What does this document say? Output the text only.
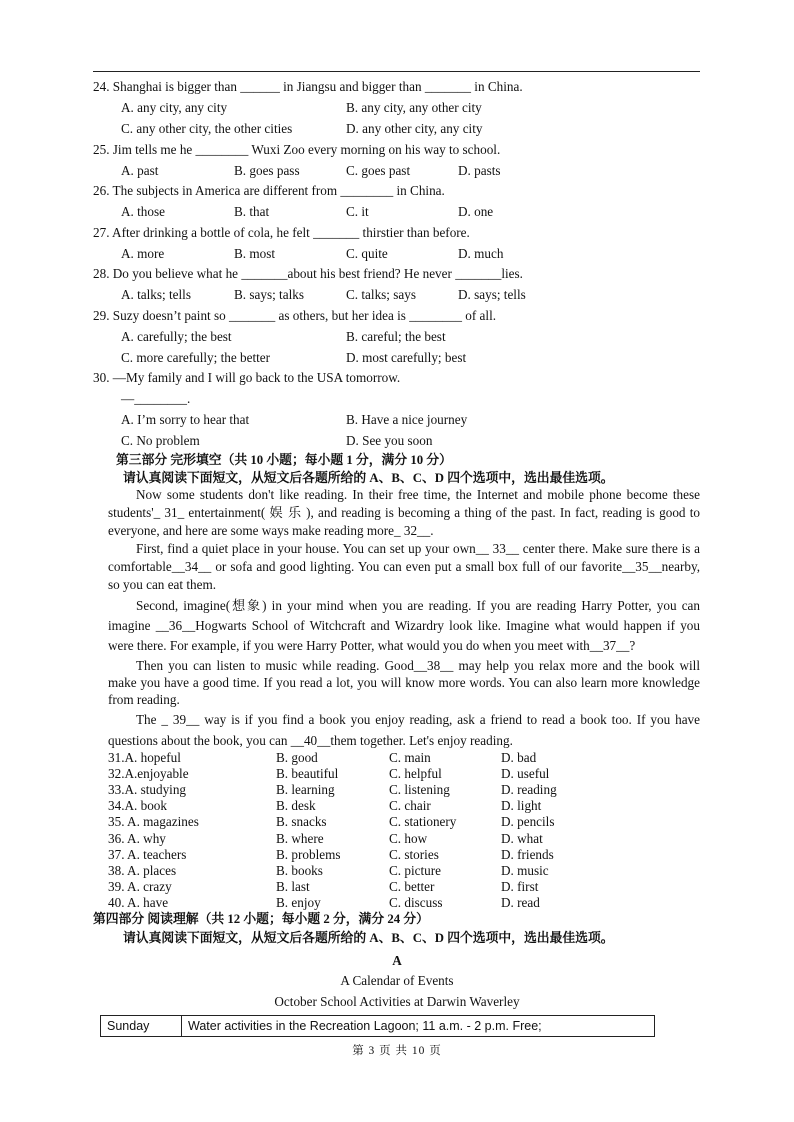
24. Shanghai is bigger than ______ in Jiangsu and bigger than _______ in China.
A. any city, any city	B. any city, any other city
C. any other city, the other cities	D. any other city, any city
25. Jim tells me he ________ Wuxi Zoo every morning on his way to school.
A. past	B. goes pass	C. goes past	D. pasts
26. The subjects in America are different from ________ in China.
A. those	B. that	C. it	D. one
27. After drinking a bottle of cola, he felt _______ thirstier than before.
A. more	B. most	C. quite	D. much
28. Do you believe what he _______about his best friend? He never _______lies.
A. talks; tells	B. says; talks	C. talks; says	D. says; tells
29. Suzy doesn’t paint so _______ as others, but her idea is ________ of all.
A. carefully; the best	B. careful; the best
C. more carefully; the better	D. most carefully; best
30. —My family and I will go back to the USA tomorrow.
—________.
A. I’m sorry to hear that	B. Have a nice journey
C. No problem	D. See you soon
第三部分 完形填空（共 10 小题；每小题 1 分，满分 10 分）
请认真阅读下面短文，从短文后各题所给的 A、B、C、D 四个选项中，选出最佳选项。

Now some students don't like reading. In their free time, the Internet and mobile phone become these students'_ 31_ entertainment( 娱 乐 ), and reading is becoming a thing of the past. In fact, reading is good to everyone, and here are some ways make reading more_ 32__.

First, find a quiet place in your house. You can set up your own__ 33__ center there. Make sure there is a comfortable__34__ or sofa and good lighting. You can even put a small box full of our favorite__35__nearby, so you can eat them.

Second, imagine(想象) in your mind when you are reading. If you are reading Harry Potter, you can imagine __36__Hogwarts School of Witchcraft and Wizardry look like. Imagine what would happen if you were there. For example, if you were Harry Potter, what would you do when you meet with__37__?

Then you can listen to music while reading. Good__38__ may help you relax more and the book will make you have a good time. If you read a lot, you will know more words. You can also learn more knowledge from reading.

The _ 39__ way is if you find a book you enjoy reading, ask a friend to read a book too. If you have questions about the book, you can __40__them together. Let's enjoy reading.

31.A. hopeful	B. good	C. main	D. bad
32.A.enjoyable	B. beautiful	C. helpful	D. useful
33.A. studying	B. learning	C. listening	D. reading
34.A. book	B. desk	C. chair	D. light
35. A. magazines	B. snacks	C. stationery	D. pencils
36. A. why	B. where	C. how	D. what
37. A. teachers	B. problems	C. stories	D. friends
38. A. places	B. books	C. picture	D. music
39. A. crazy	B. last	C. better	D. first
40. A. have	B. enjoy	C. discuss	D. read
第四部分 阅读理解（共 12 小题；每小题 2 分，满分 24 分）
请认真阅读下面短文，从短文后各题所给的 A、B、C、D 四个选项中，选出最佳选项。
A
A Calendar of Events
October School Activities at Darwin Waverley
Sunday	Water activities in the Recreation Lagoon; 11 a.m. - 2 p.m. Free;
第 3 页 共 10 页
